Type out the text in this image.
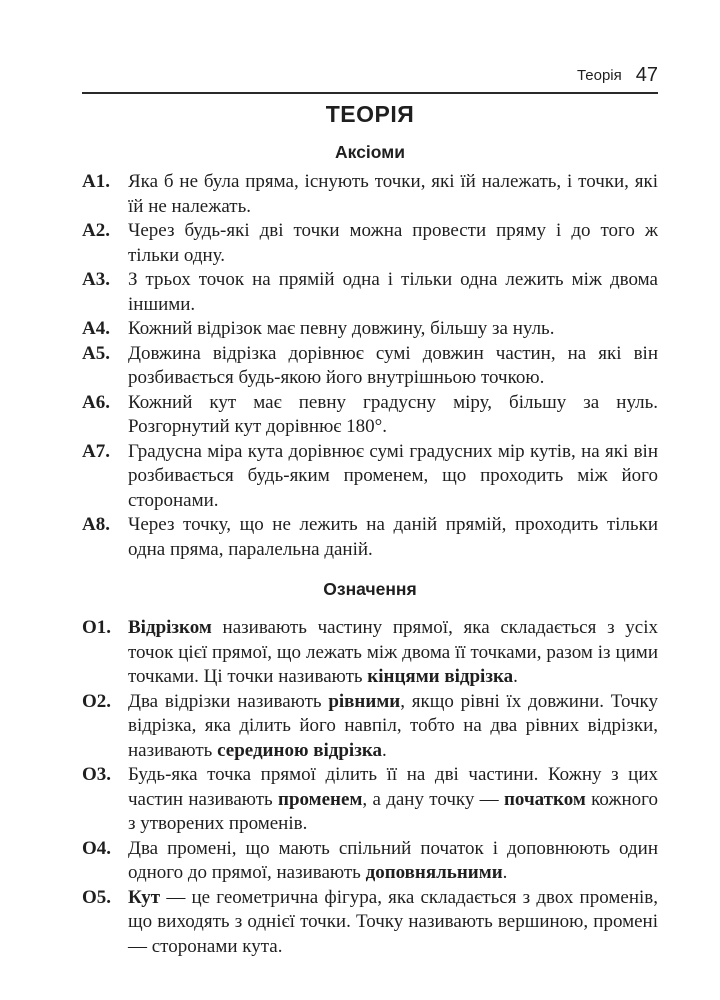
Теорія 47
ТЕОРІЯ
Аксіоми
А1. Яка б не була пряма, існують точки, які їй належать, і точки, які їй не належать.
А2. Через будь-які дві точки можна провести пряму і до того ж тільки одну.
А3. З трьох точок на прямій одна і тільки одна лежить між двома іншими.
А4. Кожний відрізок має певну довжину, більшу за нуль.
А5. Довжина відрізка дорівнює сумі довжин частин, на які він розбивається будь-якою його внутрішньою точкою.
А6. Кожний кут має певну градусну міру, більшу за нуль. Розгорнутий кут дорівнює 180°.
А7. Градусна міра кута дорівнює сумі градусних мір кутів, на які він розбивається будь-яким променем, що проходить між його сторонами.
А8. Через точку, що не лежить на даній прямій, проходить тільки одна пряма, паралельна даній.
Означення
О1. Відрізком називають частину прямої, яка складається з усіх точок цієї прямої, що лежать між двома її точками, разом із цими точками. Ці точки називають кінцями відрізка.
О2. Два відрізки називають рівними, якщо рівні їх довжини. Точку відрізка, яка ділить його навпіл, тобто на два рівних відрізки, називають серединою відрізка.
О3. Будь-яка точка прямої ділить її на дві частини. Кожну з цих частин називають променем, а дану точку — початком кожного з утворених променів.
О4. Два промені, що мають спільний початок і доповнюють один одного до прямої, називають доповняльними.
О5. Кут — це геометрична фігура, яка складається з двох променів, що виходять з однієї точки. Точку називають вершиною, промені — сторонами кута.
